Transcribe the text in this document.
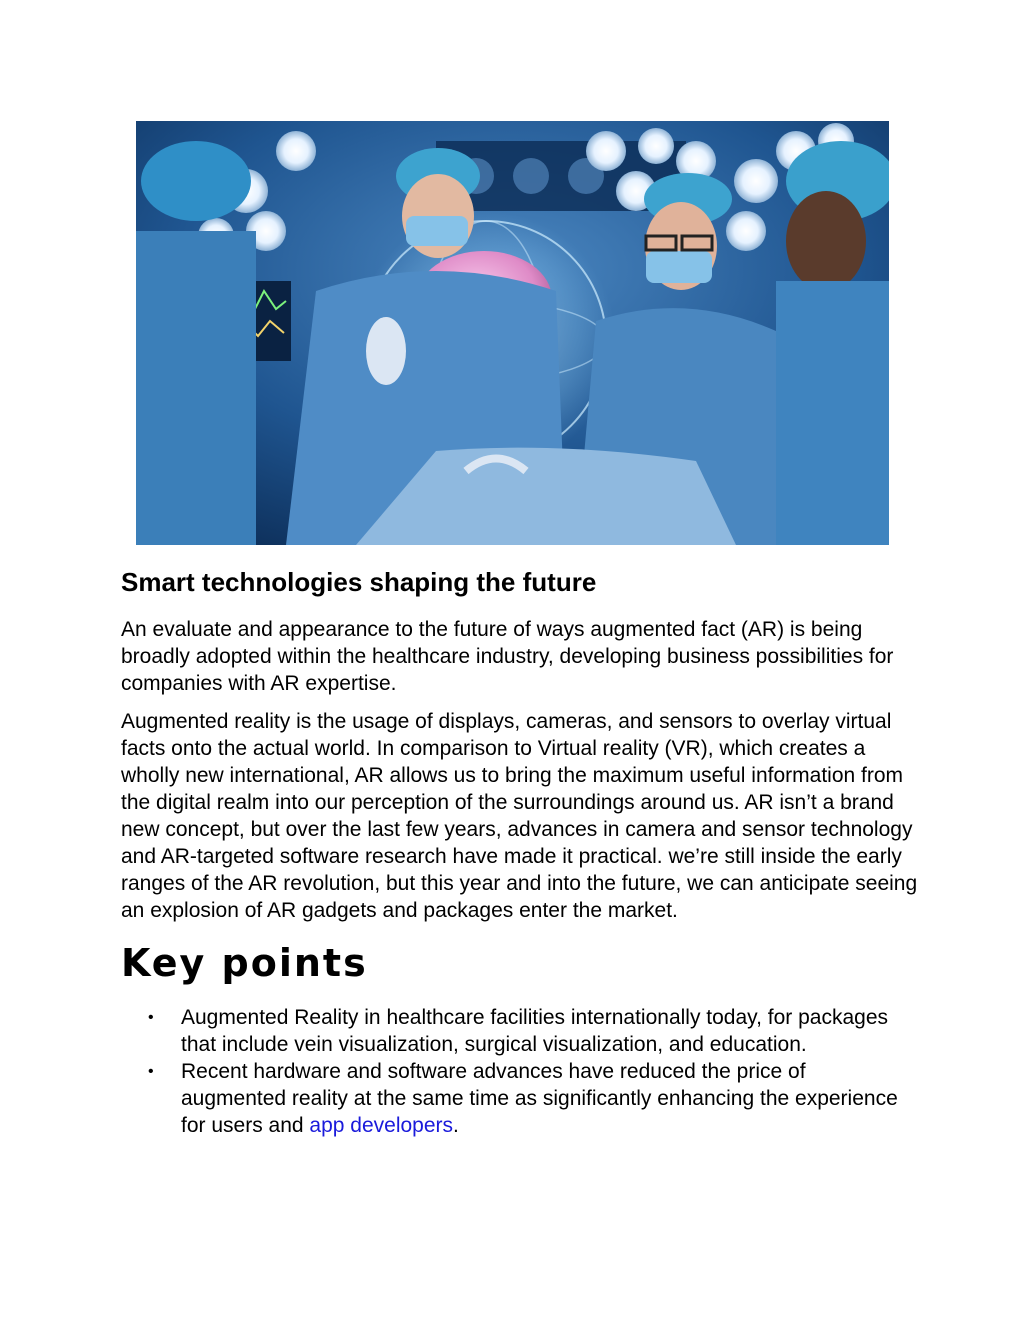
Smart technologies shaping the future

An evaluate and appearance to the future of ways augmented fact (AR) is being broadly adopted within the healthcare industry, developing business possibilities for companies with AR expertise.

Augmented reality is the usage of displays, cameras, and sensors to overlay virtual facts onto the actual world. In comparison to Virtual reality (VR), which creates a wholly new international, AR allows us to bring the maximum useful information from the digital realm into our perception of the surroundings around us. AR isn’t a brand new concept, but over the last few years, advances in camera and sensor technology and AR-targeted software research have made it practical. we’re still inside the early ranges of the AR revolution, but this year and into the future, we can anticipate seeing an explosion of AR gadgets and packages enter the market.

Key points
• Augmented Reality in healthcare facilities internationally today, for packages that include vein visualization, surgical visualization, and education.
• Recent hardware and software advances have reduced the price of augmented reality at the same time as significantly enhancing the experience for users and app developers.
